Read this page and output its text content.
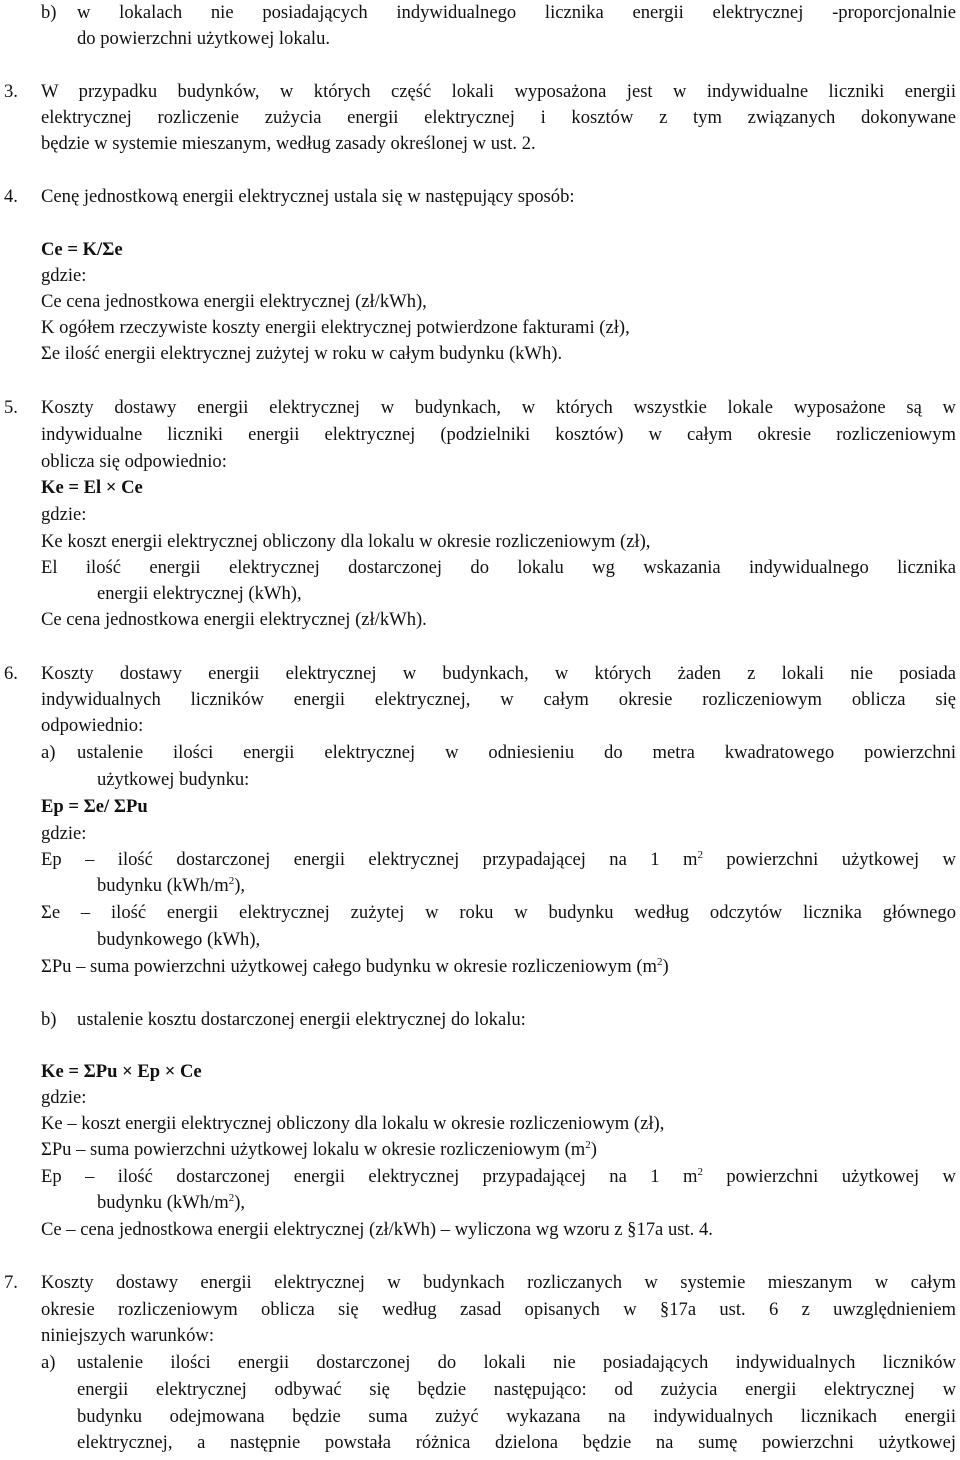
b) w lokalach nie posiadających indywidualnego licznika energii elektrycznej -proporcjonalnie
do powierzchni użytkowej lokalu.
3. W przypadku budynków, w których część lokali wyposażona jest w indywidualne liczniki energii
elektrycznej rozliczenie zużycia energii elektrycznej i kosztów z tym związanych dokonywane
będzie w systemie mieszanym, według zasady określonej w ust. 2.
4. Cenę jednostkową energii elektrycznej ustala się w następujący sposób:
Ce = K/Σe
gdzie:
Ce cena jednostkowa energii elektrycznej (zł/kWh),
K ogółem rzeczywiste koszty energii elektrycznej potwierdzone fakturami (zł),
Σe ilość energii elektrycznej zużytej w roku w całym budynku (kWh).
5. Koszty dostawy energii elektrycznej w budynkach, w których wszystkie lokale wyposażone są w
indywidualne liczniki energii elektrycznej (podzielniki kosztów) w całym okresie rozliczeniowym
oblicza się odpowiednio:
Ke = El × Ce
gdzie:
Ke koszt energii elektrycznej obliczony dla lokalu w okresie rozliczeniowym (zł),
El ilość energii elektrycznej dostarczonej do lokalu wg wskazania indywidualnego licznika
energii elektrycznej (kWh),
Ce cena jednostkowa energii elektrycznej (zł/kWh).
6. Koszty dostawy energii elektrycznej w budynkach, w których żaden z lokali nie posiada
indywidualnych liczników energii elektrycznej, w całym okresie rozliczeniowym oblicza się
odpowiednio:
a) ustalenie ilości energii elektrycznej w odniesieniu do metra kwadratowego powierzchni
użytkowej budynku:
Ep = Σe/ ΣPu
gdzie:
Ep – ilość dostarczonej energii elektrycznej przypadającej na 1 $m^2$ powierzchni użytkowej w
budynku $(kWh/m^2)$,
Σe – ilość energii elektrycznej zużytej w roku w budynku według odczytów licznika głównego
budynkowego (kWh),
ΣPu – suma powierzchni użytkowej całego budynku w okresie rozliczeniowym $(m^2)$
b) ustalenie kosztu dostarczonej energii elektrycznej do lokalu:
Ke = ΣPu × Ep × Ce
gdzie:
Ke – koszt energii elektrycznej obliczony dla lokalu w okresie rozliczeniowym (zł),
ΣPu – suma powierzchni użytkowej lokalu w okresie rozliczeniowym $(m^2)$
Ep – ilość dostarczonej energii elektrycznej przypadającej na 1 $m^2$ powierzchni użytkowej w
budynku $(kWh/m^2)$,
Ce – cena jednostkowa energii elektrycznej (zł/kWh) – wyliczona wg wzoru z §17a ust. 4.
7. Koszty dostawy energii elektrycznej w budynkach rozliczanych w systemie mieszanym w całym
okresie rozliczeniowym oblicza się według zasad opisanych w §17a ust. 6 z uwzględnieniem
niniejszych warunków:
a) ustalenie ilości energii dostarczonej do lokali nie posiadających indywidualnych liczników
energii elektrycznej odbywać się będzie następująco: od zużycia energii elektrycznej w
budynku odejmowana będzie suma zużyć wykazana na indywidualnych licznikach energii
elektrycznej, a następnie powstała różnica dzielona będzie na sumę powierzchni użytkowej
